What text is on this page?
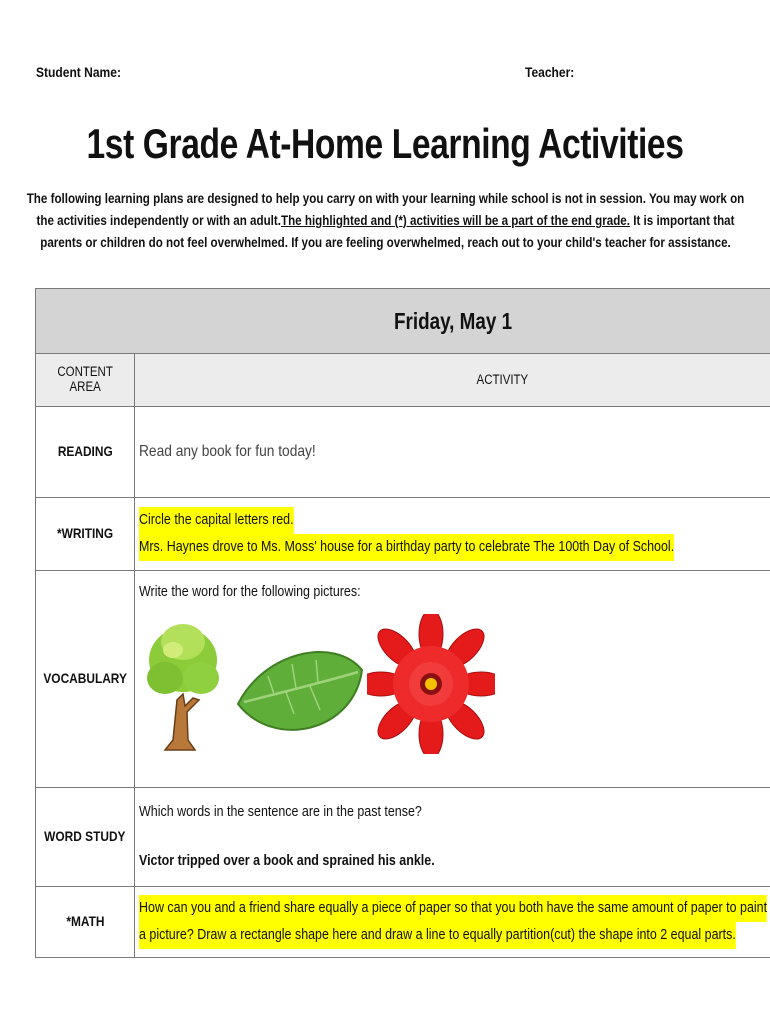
Student Name:	Teacher:
1st Grade At-Home Learning Activities
The following learning plans are designed to help you carry on with your learning while school is not in session. You may work on the activities independently or with an adult.The highlighted and (*) activities will be a part of the end grade. It is important that parents or children do not feel overwhelmed. If you are feeling overwhelmed, reach out to your child's teacher for assistance.
Friday, May 1	
CONTENT AREA	ACTIVITY
READING	Read any book for fun today!
*WRITING	Circle the capital letters red.
Mrs. Haynes drove to Ms. Moss' house for a birthday party to celebrate The 100th Day of School.

VOCABULARY	Write the word for the following pictures:

WORD STUDY	Which words in the sentence are in the past tense?
Victor tripped over a book and sprained his ankle.

*MATH	How can you and a friend share equally a piece of paper so that you both have the same amount of paper to paint
a picture? Draw a rectangle shape here and draw a line to equally partition(cut) the shape into 2 equal parts.
